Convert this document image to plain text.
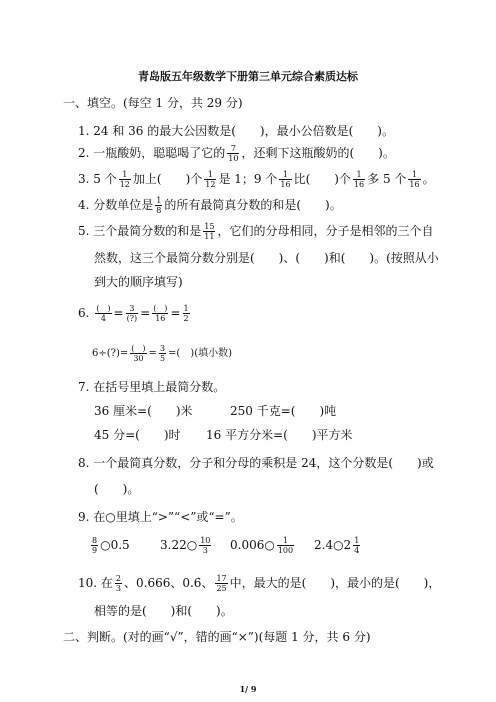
青岛版五年级数学下册第三单元综合素质达标
一、填空。(每空 1 分，共 29 分)
1. 24 和 36 的最大公因数是(　　)，最小公倍数是(　　)。
2. 一瓶酸奶，聪聪喝了它的 $\frac{7}{10}$ ，还剩下这瓶酸奶的(　　)。
3. 5 个 $\frac{1}{12}$ 加上(　　)个 $\frac{1}{12}$ 是 1；9 个 $\frac{1}{16}$ 比(　　)个 $\frac{1}{16}$ 多 5 个 $\frac{1}{16}$ 。
4. 分数单位是 $\frac{1}{8}$ 的所有最简真分数的和是(　　)。
5. 三个最简分数的和是 $\frac{15}{11}$ ，它们的分母相同，分子是相邻的三个自
然数，这三个最简分数分别是(　　)、(　　)和(　　)。(按照从小
到大的顺序填写)
6. $\frac{( )}{4} = \frac{3}{(?)} = \frac{( )}{16} = \frac{1}{2}$
6÷(?)= $\frac{( )}{30} = \frac{3}{5}$ =(　)(填小数)
7. 在括号里填上最简分数。
36 厘米=(　　)米	250 千克=(　　)吨
45 分=(　　)时 16 平方分米=(　　)平方米
8. 一个最简真分数，分子和分母的乘积是 24，这个分数是(　　)或
(　　)。
9. 在○里填上“>”“<”或“=”。
$\frac{8}{9}$ ○0.5	3.22○ $\frac{10}{3}$ 0.006○ $\frac{1}{100}$ 2.4○2 $\frac{1}{4}$
10. 在 $\frac{2}{3}$ 、0.666、0.6̇、 $\frac{17}{25}$ 中，最大的是(　　)，最小的是(　　)，
相等的是(　　)和(　　)。
二、判断。(对的画“√”，错的画“×”)(每题 1 分，共 6 分)
1/ 9
